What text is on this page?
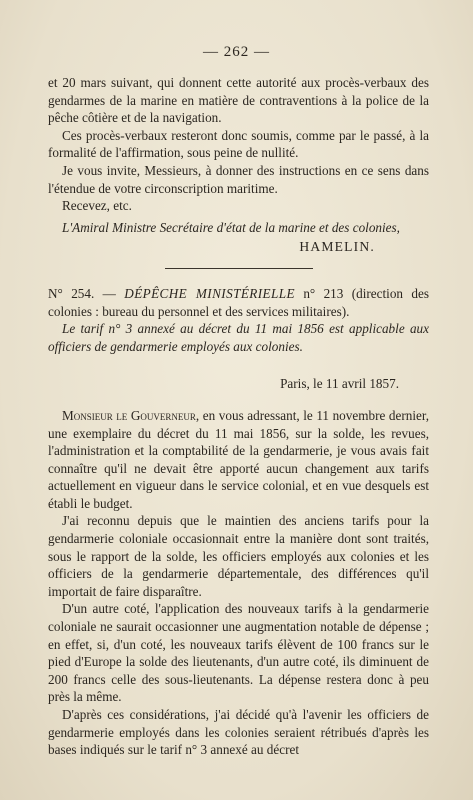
— 262 —

et 20 mars suivant, qui donnent cette autorité aux procès-verbaux des gendarmes de la marine en matière de contraventions à la police de la pêche côtière et de la navigation.

Ces procès-verbaux resteront donc soumis, comme par le passé, à la formalité de l'affirmation, sous peine de nullité.

Je vous invite, Messieurs, à donner des instructions en ce sens dans l'étendue de votre circonscription maritime.

Recevez, etc.

L'Amiral Ministre Secrétaire d'état de la marine et des colonies,

HAMELIN.

N° 254. — DÉPÊCHE MINISTÉRIELLE n° 213 (direction des colonies : bureau du personnel et des services militaires).

Le tarif n° 3 annexé au décret du 11 mai 1856 est applicable aux officiers de gendarmerie employés aux colonies.

Paris, le 11 avril 1857.

Monsieur le Gouverneur, en vous adressant, le 11 novembre dernier, une exemplaire du décret du 11 mai 1856, sur la solde, les revues, l'administration et la comptabilité de la gendarmerie, je vous avais fait connaître qu'il ne devait être apporté aucun changement aux tarifs actuellement en vigueur dans le service colonial, et en vue desquels est établi le budget.

J'ai reconnu depuis que le maintien des anciens tarifs pour la gendarmerie coloniale occasionnait entre la manière dont sont traités, sous le rapport de la solde, les officiers employés aux colonies et les officiers de la gendarmerie départementale, des différences qu'il importait de faire disparaître.

D'un autre coté, l'application des nouveaux tarifs à la gendarmerie coloniale ne saurait occasionner une augmentation notable de dépense ; en effet, si, d'un coté, les nouveaux tarifs élèvent de 100 francs sur le pied d'Europe la solde des lieutenants, d'un autre coté, ils diminuent de 200 francs celle des sous-lieutenants. La dépense restera donc à peu près la même.

D'après ces considérations, j'ai décidé qu'à l'avenir les officiers de gendarmerie employés dans les colonies seraient rétribués d'après les bases indiqués sur le tarif n° 3 annexé au décret
